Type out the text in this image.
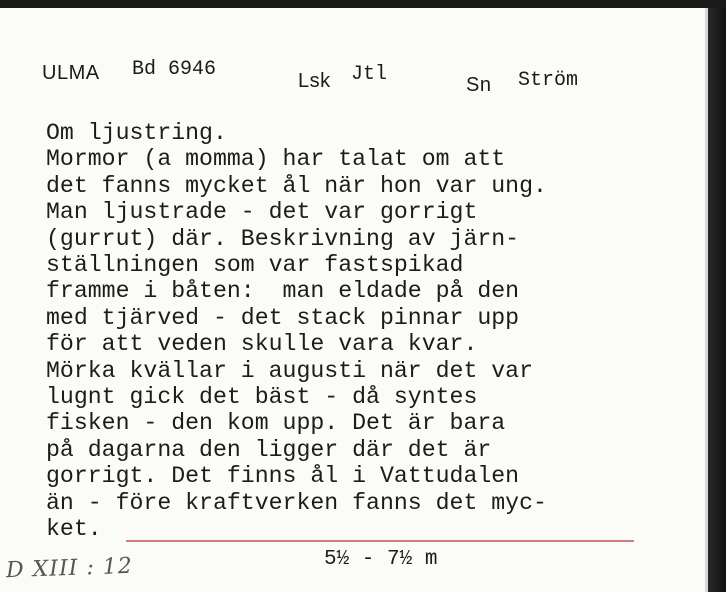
ULMA Bd 6946	Lsk Jtl	Sn Ström
Om ljustring.
Mormor (a momma) har talat om att
det fanns mycket ål när hon var ung.
Man ljustrade - det var gorrigt
(gurrut) där. Beskrivning av järn-
ställningen som var fastspikad
framme i båten:  man eldade på den
med tjärved - det stack pinnar upp
för att veden skulle vara kvar.
Mörka kvällar i augusti när det var
lugnt gick det bäst - då syntes
fisken - den kom upp. Det är bara
på dagarna den ligger där det är
gorrigt. Det finns ål i Vattudalen
än - före kraftverken fanns det myc-
ket.
5½ - 7½ m
D XIII : 12
